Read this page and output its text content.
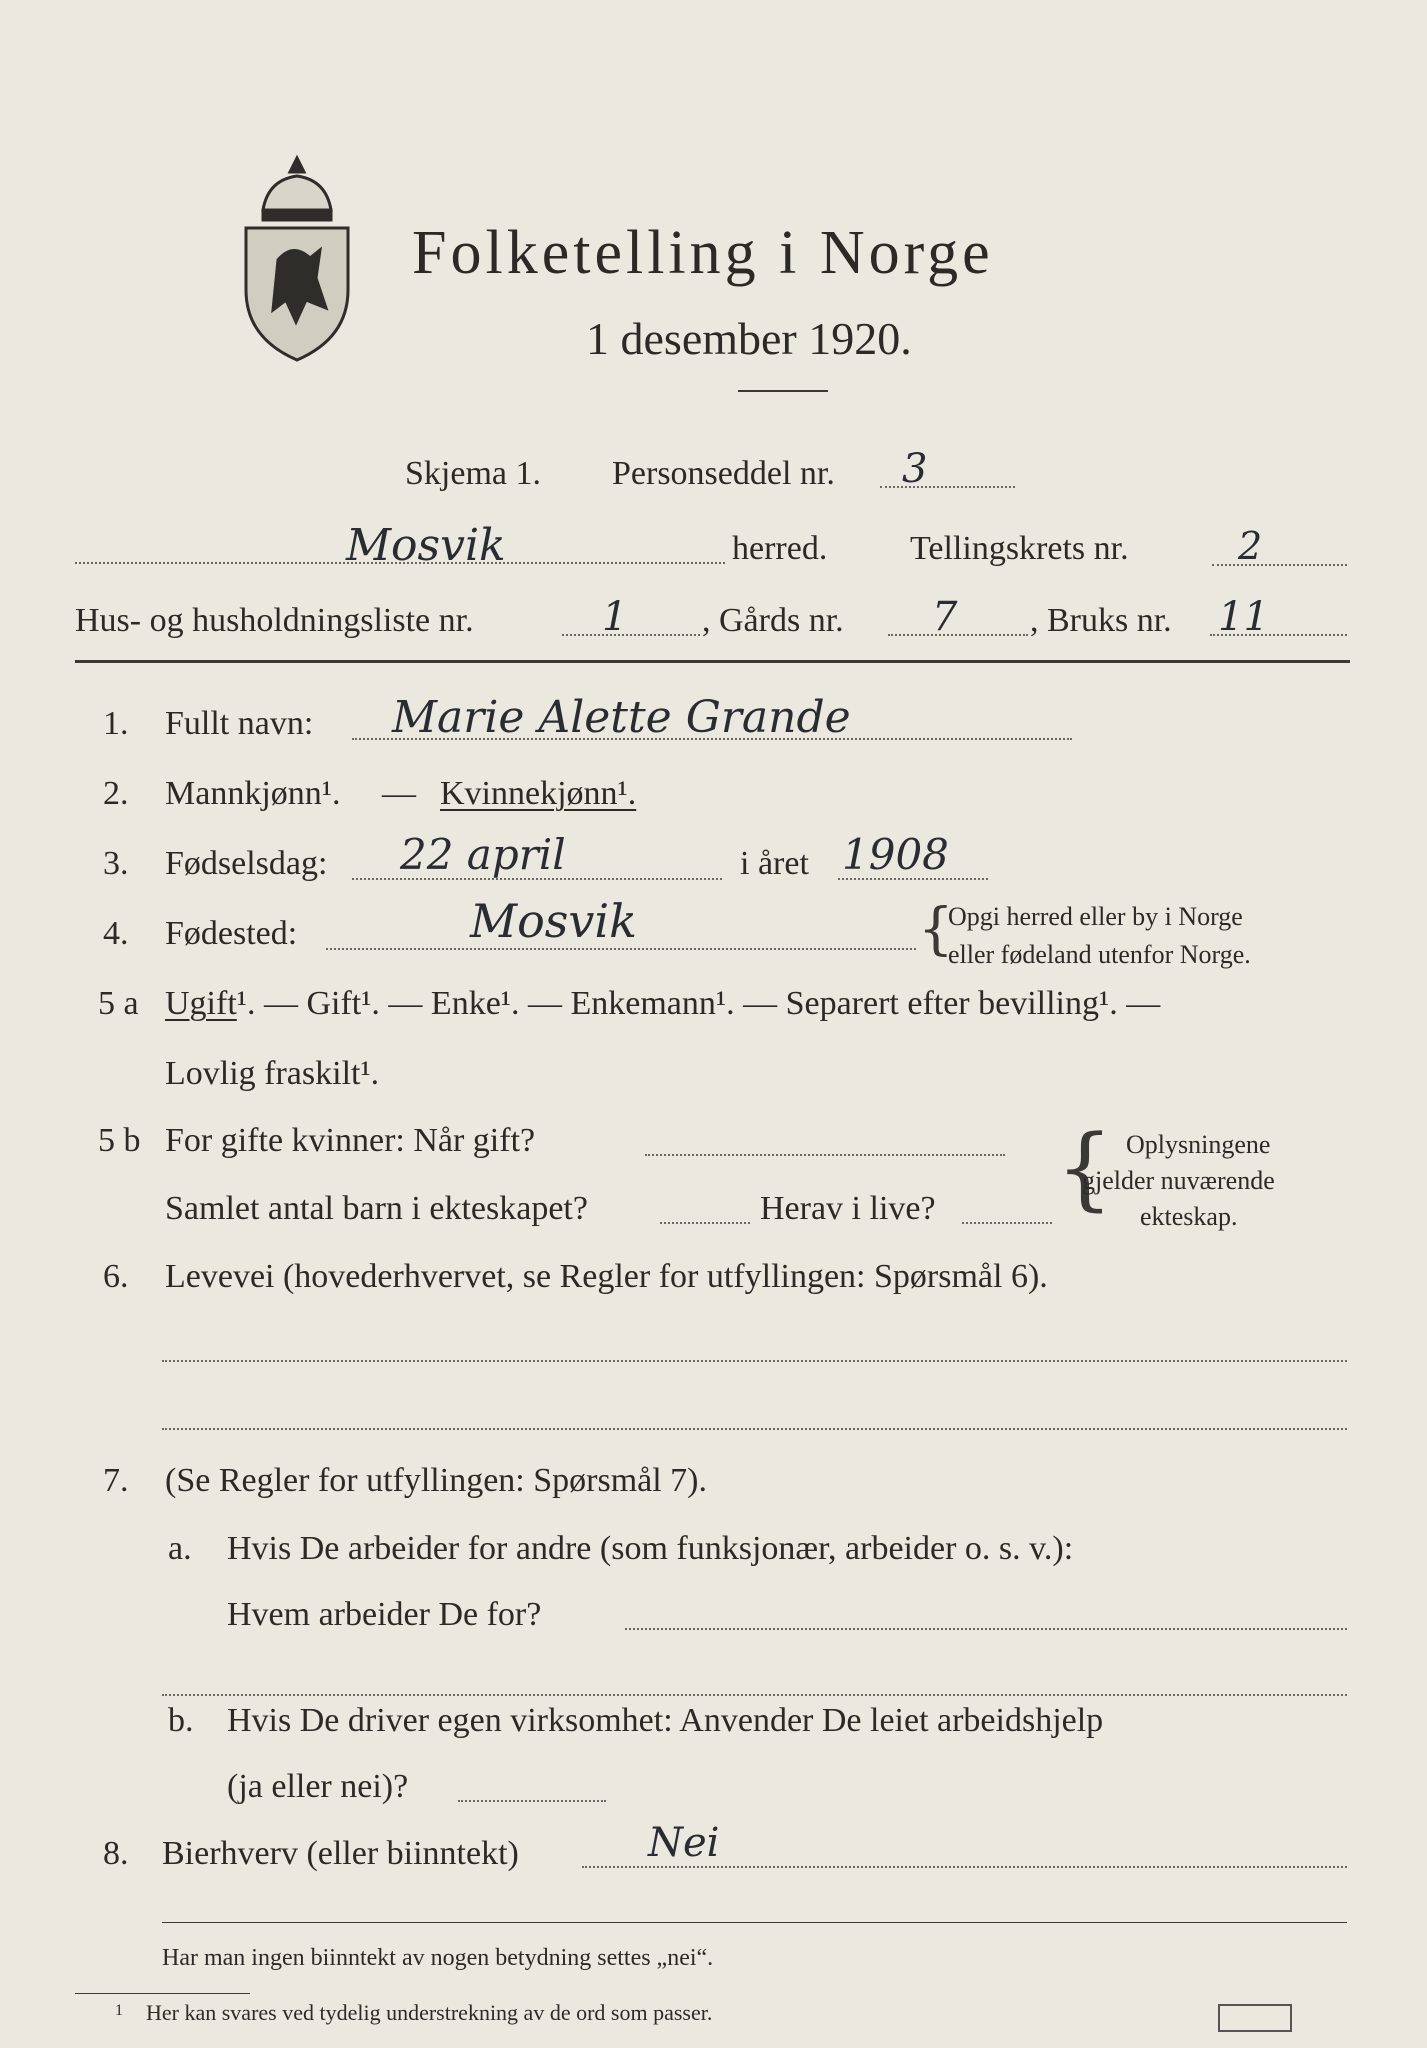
Folketelling i Norge
1 desember 1920.
Skjema 1. Personseddel nr. 3
Mosvik	herred. Tellingskrets nr.	2
Hus- og husholdningsliste nr.	1 , Gårds nr. 7 , Bruks nr. 11
1. Fullt navn: Marie Alette Grande
2. Mannkjønn¹. — Kvinnekjønn¹.
3. Fødselsdag: 22 april	i året 1908
4. Fødested:	Mosvik	{
Opgi herred eller by i Norge
eller fødeland utenfor Norge.
5 a Ugift¹. — Gift¹. — Enke¹. — Enkemann¹. — Separert efter bevilling¹. —
Lovlig fraskilt¹.
5 b For gifte kvinner: Når gift?
Samlet antal barn i ekteskapet?	Herav i live? { Oplysningene
gjelder nuværende
ekteskap.
6. Levevei (hovederhvervet, se Regler for utfyllingen: Spørsmål 6).
7. (Se Regler for utfyllingen: Spørsmål 7).
a. Hvis De arbeider for andre (som funksjonær, arbeider o. s. v.):
Hvem arbeider De for?
b. Hvis De driver egen virksomhet: Anvender De leiet arbeidshjelp
(ja eller nei)?
8. Bierhverv (eller biinntekt)	Nei
Har man ingen biinntekt av nogen betydning settes „nei“.
1 Her kan svares ved tydelig understrekning av de ord som passer.
